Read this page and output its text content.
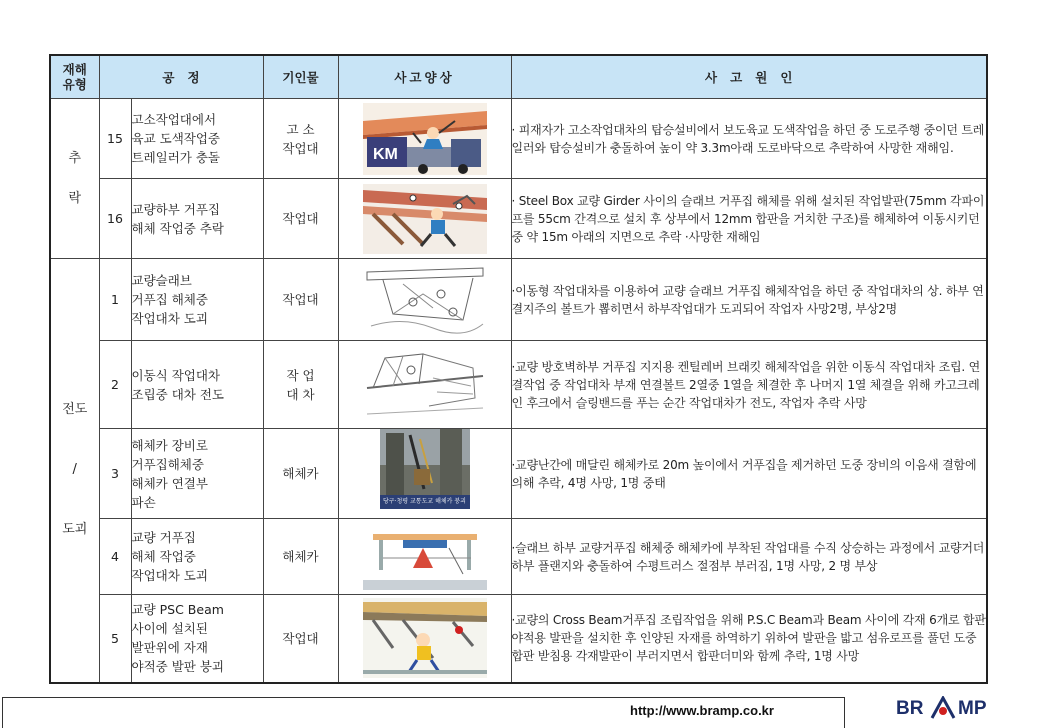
재해
유형	공   정		기인물	사고양상	사   고   원   인
추

락	15	고소작업대에서
육교 도색작업중
트레일러가 충돌	고 소
작업대	KM	· 피재자가 고소작업대차의 탑승설비에서 보도육교 도색작업을 하던 중 도로주행 중이던 트레일러와 탑승설비가 충돌하여 높이 약 3.3m아래 도로바닥으로 추락하여 사망한 재해임.
	16	교량하부 거푸집
해체 작업중 추락	작업대		· Steel Box 교량 Girder 사이의 슬래브 거푸집 해체를 위해 설치된 작업발판(75mm 각파이프를 55cm 간격으로 설치 후 상부에서 12mm 합판을 거치한 구조)를 해체하여 이동시키던 중 약 15m 아래의 지면으로 추락 ·사망한 재해임
전도

/

도괴	1	교량슬래브
거푸집 해체중
작업대차 도괴	작업대		·이동형 작업대차를 이용하여 교량 슬래브 거푸집 해체작업을 하던 중 작업대차의 상. 하부 연결지주의 볼트가 뽑히면서 하부작업대가 도괴되어 작업자 사망2명, 부상2명
	2	이동식 작업대차
조립중 대차 전도	작 업
대 차		·교량 방호벽하부 거푸집 지지용 켄틸레버 브래킷 해체작업을 위한 이동식 작업대차 조립. 연결작업 중 작업대차 부재 연결볼트 2열중 1열을 체결한 후 나머지 1열 체결을 위해 카고크레인 후크에서 슬링밴드를 푸는 순간 작업대차가 전도, 작업자 추락 사망
	3	해체카 장비로
거푸집해체중
해체카 연결부
파손	해체카	당구·청평 교통도교 해체카 붕괴	·교량난간에 매달린 해체카로 20m 높이에서 거푸집을 제거하던 도중 장비의 이음새 결함에 의해 추락, 4명 사망, 1명 중태
	4	교량 거푸집
해체 작업중
작업대차 도괴	해체카		·슬래브 하부 교량거푸집 해체중 해체카에 부착된 작업대를 수직 상승하는 과정에서 교량거더 하부 플랜지와 충돌하여 수평트러스 절점부 부러짐, 1명 사망, 2 명 부상
	5	교량 PSC Beam
사이에 설치된
발판위에 자재
야적중 발판 붕괴	작업대		·교량의 Cross Beam거푸집 조립작업을 위해 P.S.C Beam과 Beam 사이에 각재 6개로 합판 야적용 발판을 설치한 후 인양된 자재를 하역하기 위하여 발판을 밟고 섬유로프를 풀던 도중 합판 받침용 각재발판이 부러지면서 합판더미와 함께 추락, 1명 사망
http://www.bramp.co.kr	BR MP
